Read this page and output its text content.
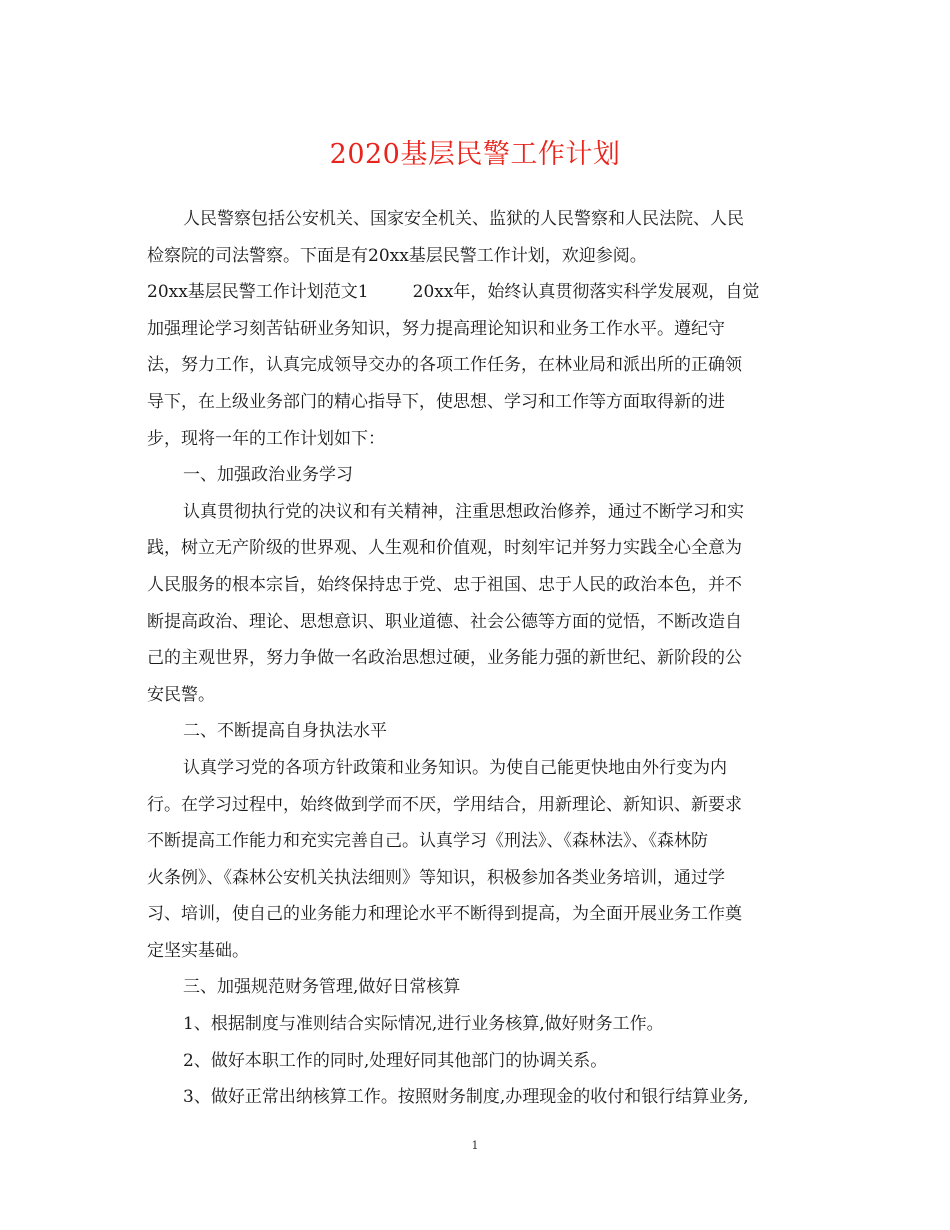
2020基层民警工作计划

人民警察包括公安机关、国家安全机关、监狱的人民警察和人民法院、人民

检察院的司法警察。下面是有20xx基层民警工作计划，欢迎参阅。

20xx基层民警工作计划范文1	20xx年，始终认真贯彻落实科学发展观，自觉
加强理论学习刻苦钻研业务知识，努力提高理论知识和业务工作水平。遵纪守
法，努力工作，认真完成领导交办的各项工作任务，在林业局和派出所的正确领
导下，在上级业务部门的精心指导下，使思想、学习和工作等方面取得新的进
步，现将一年的工作计划如下：

一、加强政治业务学习

认真贯彻执行党的决议和有关精神，注重思想政治修养，通过不断学习和实
践，树立无产阶级的世界观、人生观和价值观，时刻牢记并努力实践全心全意为
人民服务的根本宗旨，始终保持忠于党、忠于祖国、忠于人民的政治本色，并不
断提高政治、理论、思想意识、职业道德、社会公德等方面的觉悟，不断改造自
己的主观世界，努力争做一名政治思想过硬，业务能力强的新世纪、新阶段的公
安民警。

二、不断提高自身执法水平

认真学习党的各项方针政策和业务知识。为使自己能更快地由外行变为内
行。在学习过程中，始终做到学而不厌，学用结合，用新理论、新知识、新要求
不断提高工作能力和充实完善自己。认真学习《刑法》、《森林法》、《森林防
火条例》、《森林公安机关执法细则》等知识，积极参加各类业务培训，通过学
习、培训，使自己的业务能力和理论水平不断得到提高，为全面开展业务工作奠
定坚实基础。

三、加强规范财务管理,做好日常核算

1、根据制度与准则结合实际情况,进行业务核算,做好财务工作。

2、做好本职工作的同时,处理好同其他部门的协调关系。

3、做好正常出纳核算工作。按照财务制度,办理现金的收付和银行结算业务,

1
